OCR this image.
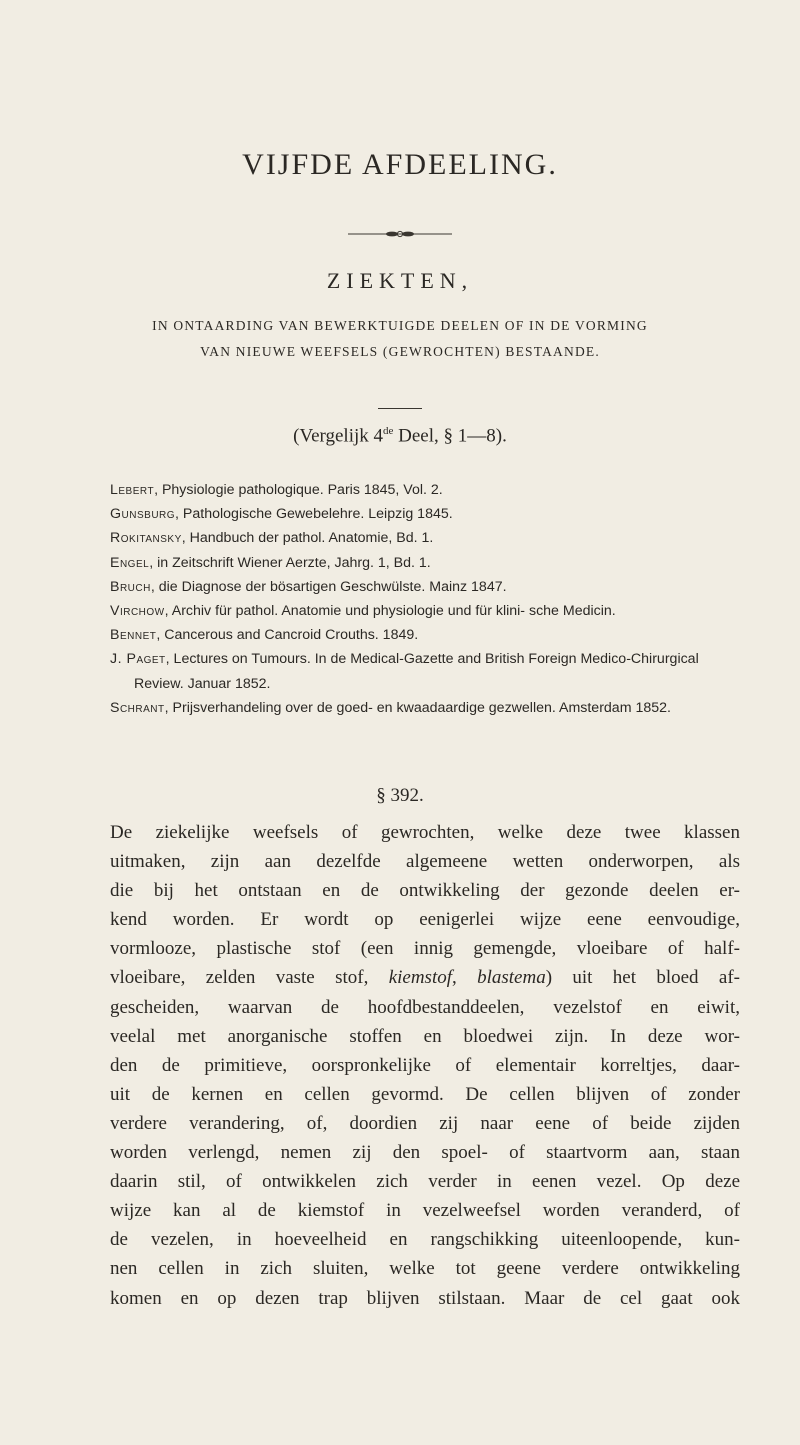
VIJFDE AFDEELING.
ZIEKTEN,
IN ONTAARDING VAN BEWERKTUIGDE DEELEN OF IN DE VORMING
VAN NIEUWE WEEFSELS (GEWROCHTEN) BESTAANDE.
(Vergelijk 4de Deel, § 1—8).

Lebert, Physiologie pathologique. Paris 1845, Vol. 2.

Gunsburg, Pathologische Gewebelehre. Leipzig 1845.

Rokitansky, Handbuch der pathol. Anatomie, Bd. 1.

Engel, in Zeitschrift Wiener Aerzte, Jahrg. 1, Bd. 1.

Bruch, die Diagnose der bösartigen Geschwülste. Mainz 1847.

Virchow, Archiv für pathol. Anatomie und physiologie und für klini- sche Medicin.

Bennet, Cancerous and Cancroid Crouths. 1849.

J. Paget, Lectures on Tumours. In de Medical-Gazette and British Foreign Medico-Chirurgical Review. Januar 1852.

Schrant, Prijsverhandeling over de goed- en kwaadaardige gezwellen. Amsterdam 1852.

§ 392.
De ziekelijke weefsels of gewrochten, welke deze twee klassen
uitmaken, zijn aan dezelfde algemeene wetten onderworpen, als
die bij het ontstaan en de ontwikkeling der gezonde deelen er-
kend worden. Er wordt op eenigerlei wijze eene eenvoudige,
vormlooze, plastische stof (een innig gemengde, vloeibare of half-
vloeibare, zelden vaste stof, kiemstof, blastema) uit het bloed af-
gescheiden, waarvan de hoofdbestanddeelen, vezelstof en eiwit,
veelal met anorganische stoffen en bloedwei zijn. In deze wor-
den de primitieve, oorspronkelijke of elementair korreltjes, daar-
uit de kernen en cellen gevormd. De cellen blijven of zonder
verdere verandering, of, doordien zij naar eene of beide zijden
worden verlengd, nemen zij den spoel- of staartvorm aan, staan
daarin stil, of ontwikkelen zich verder in eenen vezel. Op deze
wijze kan al de kiemstof in vezelweefsel worden veranderd, of
de vezelen, in hoeveelheid en rangschikking uiteenloopende, kun-
nen cellen in zich sluiten, welke tot geene verdere ontwikkeling
komen en op dezen trap blijven stilstaan. Maar de cel gaat ook
